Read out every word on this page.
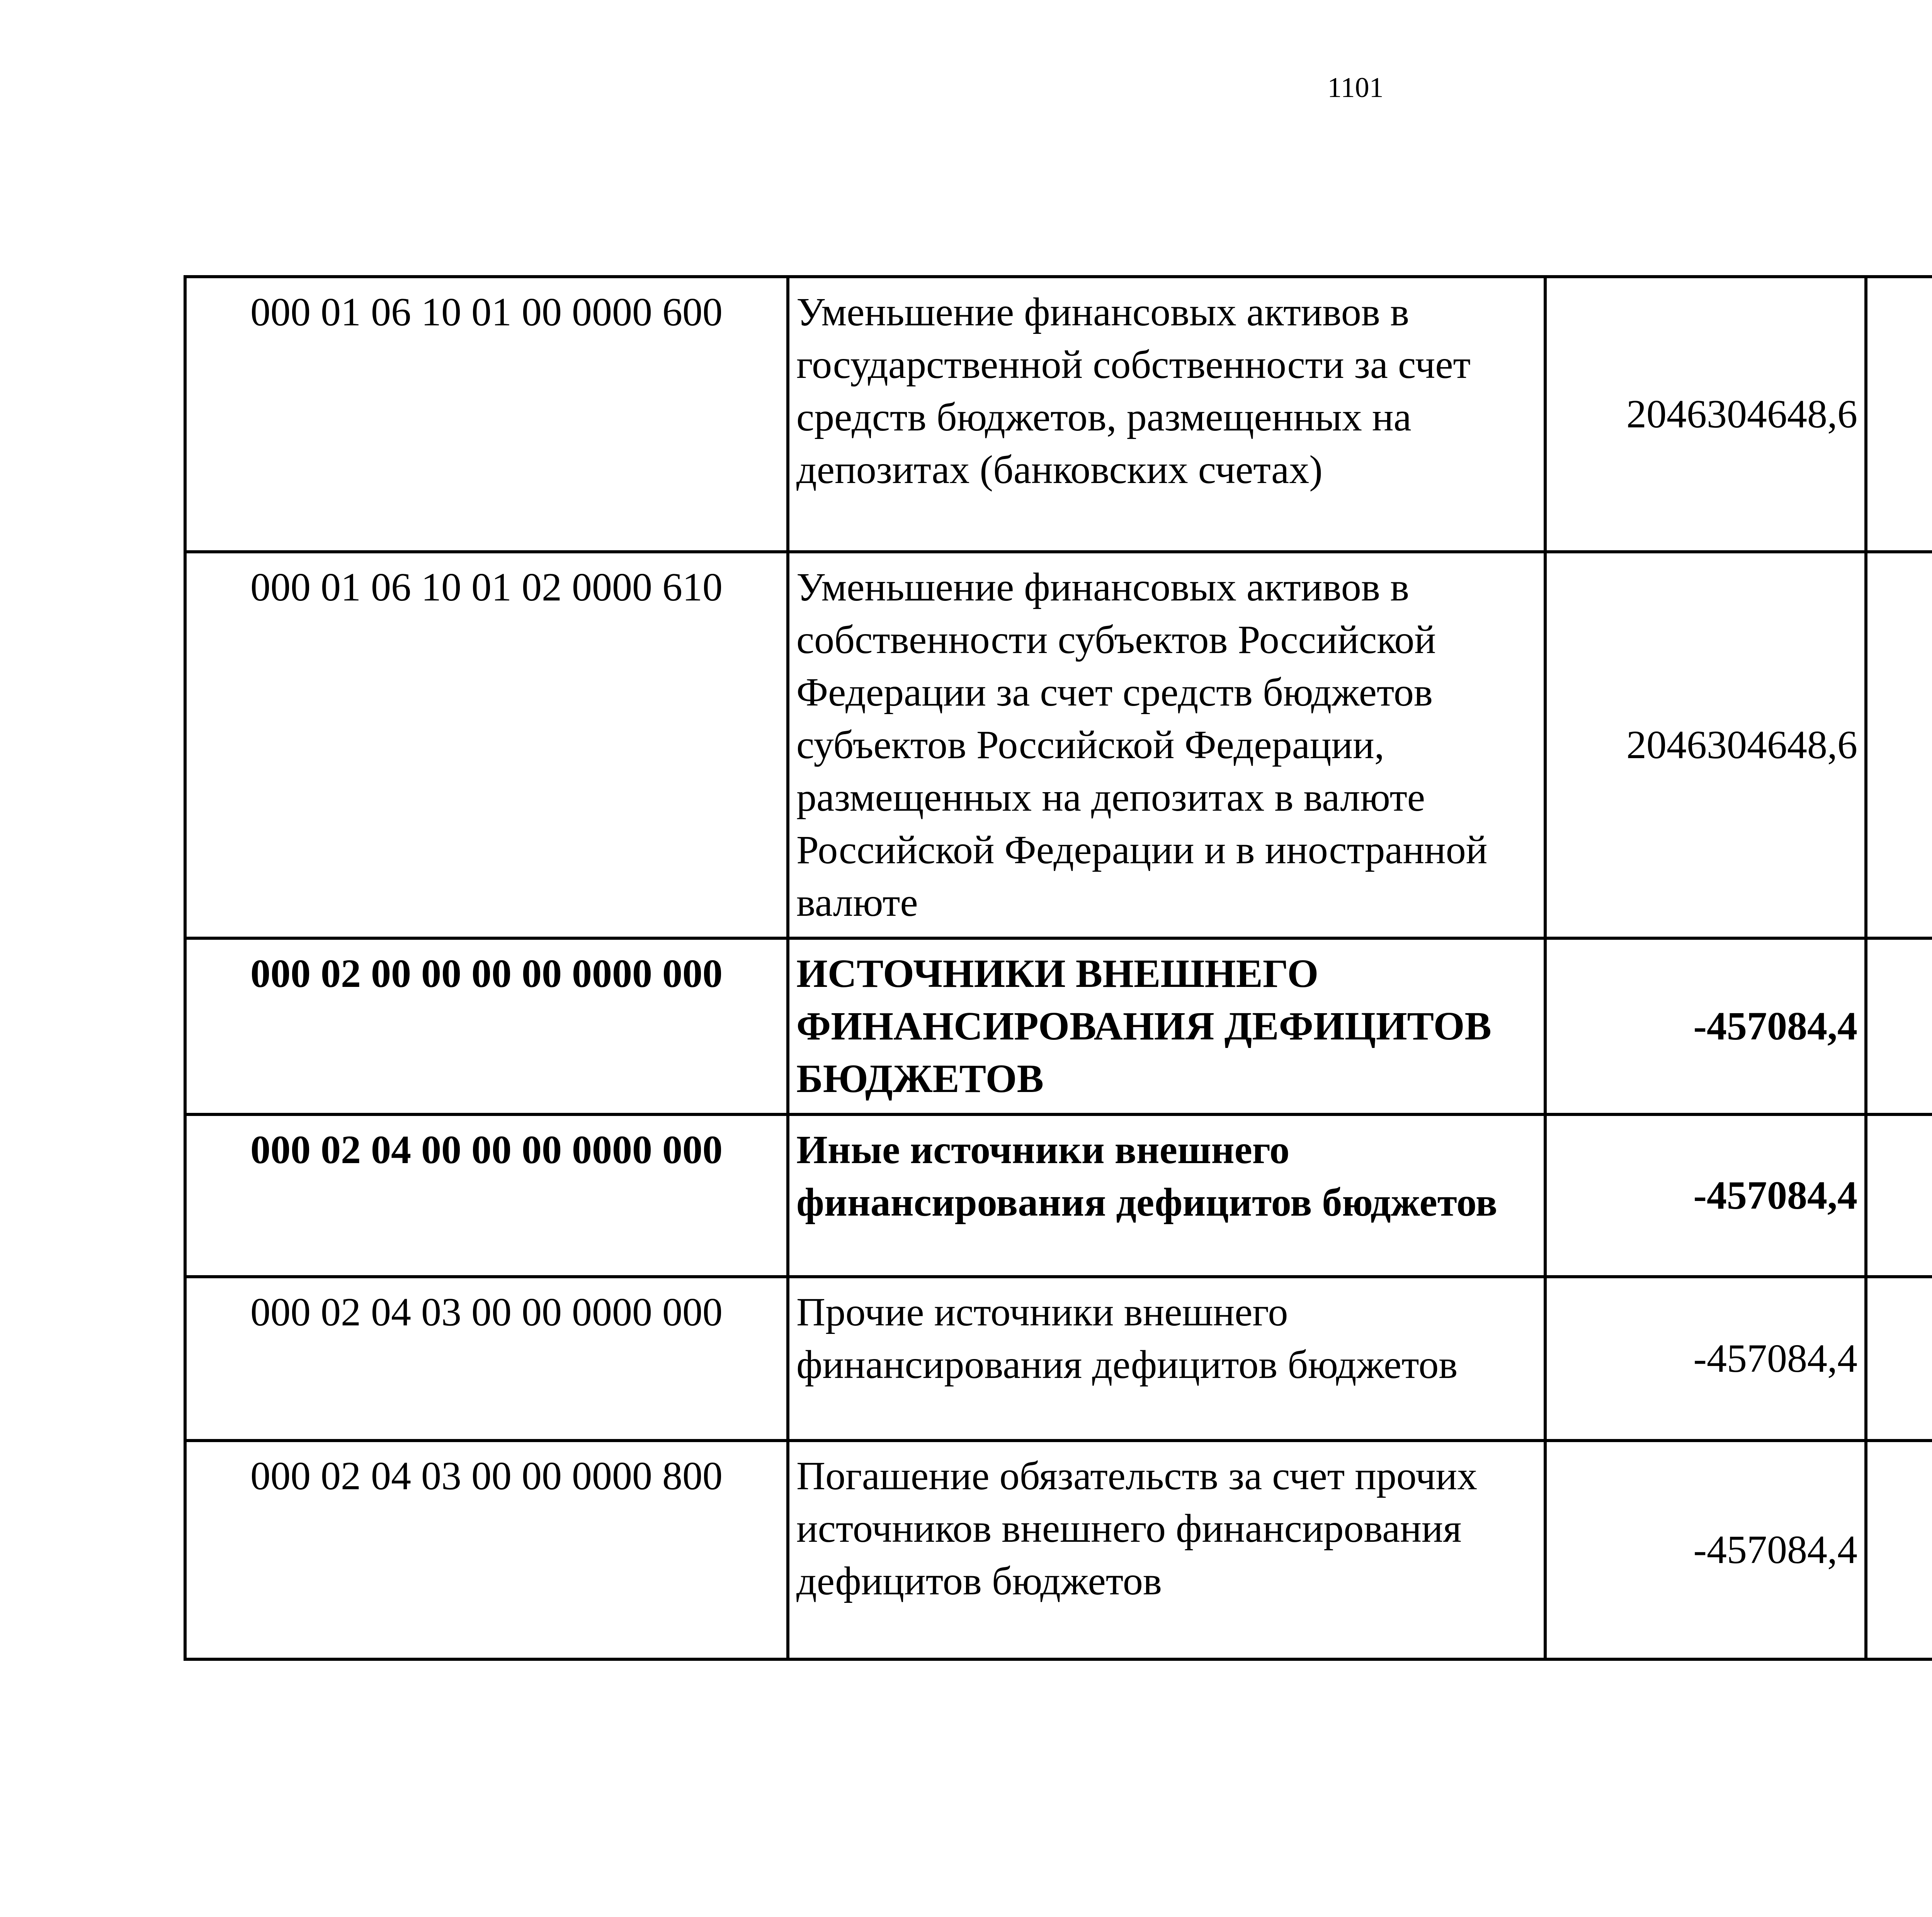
1101
000 01 06 10 01 00 0000 600	Уменьшение финансовых активов в государственной собственности за счет средств бюджетов, размещенных на депозитах (банковских счетах)	2046304648,6		
000 01 06 10 01 02 0000 610	Уменьшение финансовых активов в собственности субъектов Российской Федерации за счет средств бюджетов субъектов Российской Федерации, размещенных на депозитах в валюте Российской Федерации и в иностранной валюте	2046304648,6		
000 02 00 00 00 00 0000 000	ИСТОЧНИКИ ВНЕШНЕГО ФИНАНСИРОВАНИЯ ДЕФИЦИТОВ БЮДЖЕТОВ	-457084,4		
000 02 04 00 00 00 0000 000	Иные источники внешнего финансирования дефицитов бюджетов	-457084,4		
000 02 04 03 00 00 0000 000	Прочие источники внешнего финансирования дефицитов бюджетов	-457084,4		
000 02 04 03 00 00 0000 800	Погашение обязательств за счет прочих источников внешнего финансирования дефицитов бюджетов	-457084,4		
